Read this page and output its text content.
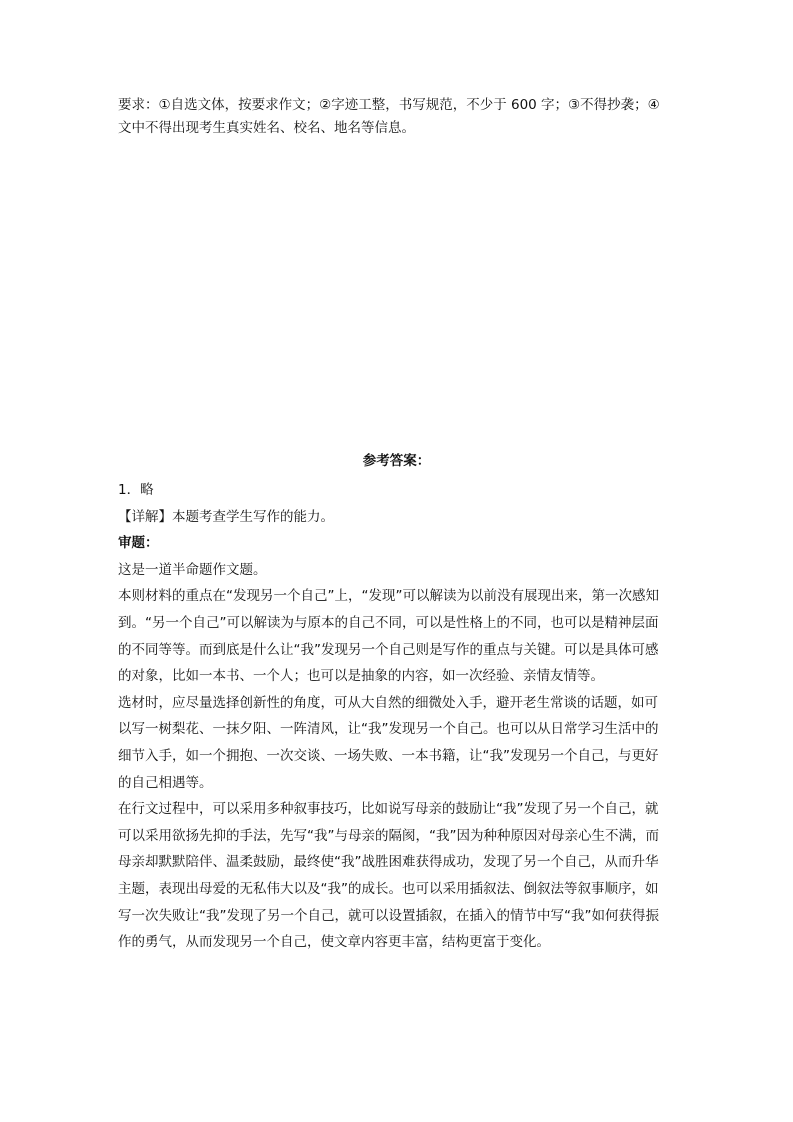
要求：①自选文体，按要求作文；②字迹工整，书写规范，不少于 600 字；③不得抄袭；④
文中不得出现考生真实姓名、校名、地名等信息。
参考答案：
1．略
【详解】本题考查学生写作的能力。
审题：
这是一道半命题作文题。

本则材料的重点在“发现另一个自己”上，“发现”可以解读为以前没有展现出来，第一次感知
到。“另一个自己”可以解读为与原本的自己不同，可以是性格上的不同，也可以是精神层面
的不同等等。而到底是什么让“我”发现另一个自己则是写作的重点与关键。可以是具体可感
的对象，比如一本书、一个人；也可以是抽象的内容，如一次经验、亲情友情等。

选材时，应尽量选择创新性的角度，可从大自然的细微处入手，避开老生常谈的话题，如可
以写一树梨花、一抹夕阳、一阵清风，让“我”发现另一个自己。也可以从日常学习生活中的
细节入手，如一个拥抱、一次交谈、一场失败、一本书籍，让“我”发现另一个自己，与更好
的自己相遇等。

在行文过程中，可以采用多种叙事技巧，比如说写母亲的鼓励让“我”发现了另一个自己，就
可以采用欲扬先抑的手法，先写“我”与母亲的隔阂，“我”因为种种原因对母亲心生不满，而
母亲却默默陪伴、温柔鼓励，最终使“我”战胜困难获得成功，发现了另一个自己，从而升华
主题，表现出母爱的无私伟大以及“我”的成长。也可以采用插叙法、倒叙法等叙事顺序，如
写一次失败让“我”发现了另一个自己，就可以设置插叙，在插入的情节中写“我”如何获得振
作的勇气，从而发现另一个自己，使文章内容更丰富，结构更富于变化。
